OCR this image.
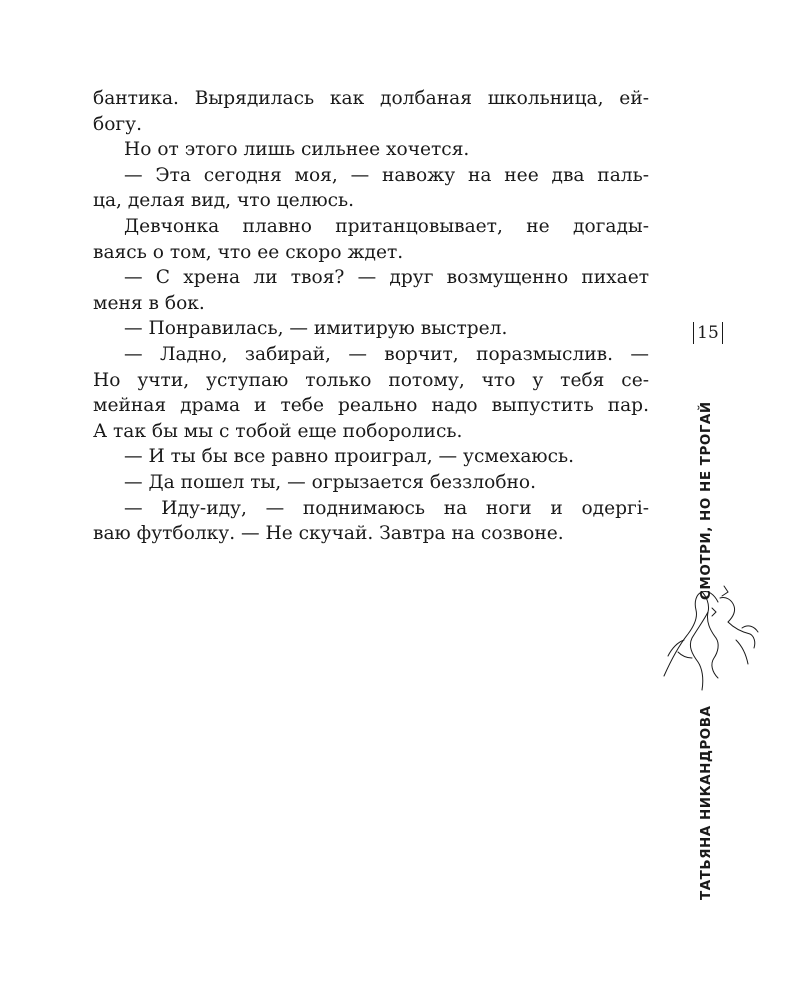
бантика. Вырядилась как долбаная школьница, ей-
богу.
Но от этого лишь сильнее хочется.
— Эта сегодня моя, — навожу на нее два паль-
ца, делая вид, что целюсь.
Девчонка плавно пританцовывает, не догады-
ваясь о том, что ее скоро ждет.
— С хрена ли твоя? — друг возмущенно пихает
меня в бок.
— Понравилась, — имитирую выстрел.
— Ладно, забирай, — ворчит, поразмыслив. —
Но учти, уступаю только потому, что у тебя се-
мейная драма и тебе реально надо выпустить пар.
А так бы мы с тобой еще поборолись.
— И ты бы все равно проиграл, — усмехаюсь.
— Да пошел ты, — огрызается беззлобно.
— Иду-иду, — поднимаюсь на ноги и одергі-
ваю футболку. — Не скучай. Завтра на созвоне.
15
СМОТРИ, НО НЕ ТРОГАЙ
ТАТЬЯНА НИКАНДРОВА
